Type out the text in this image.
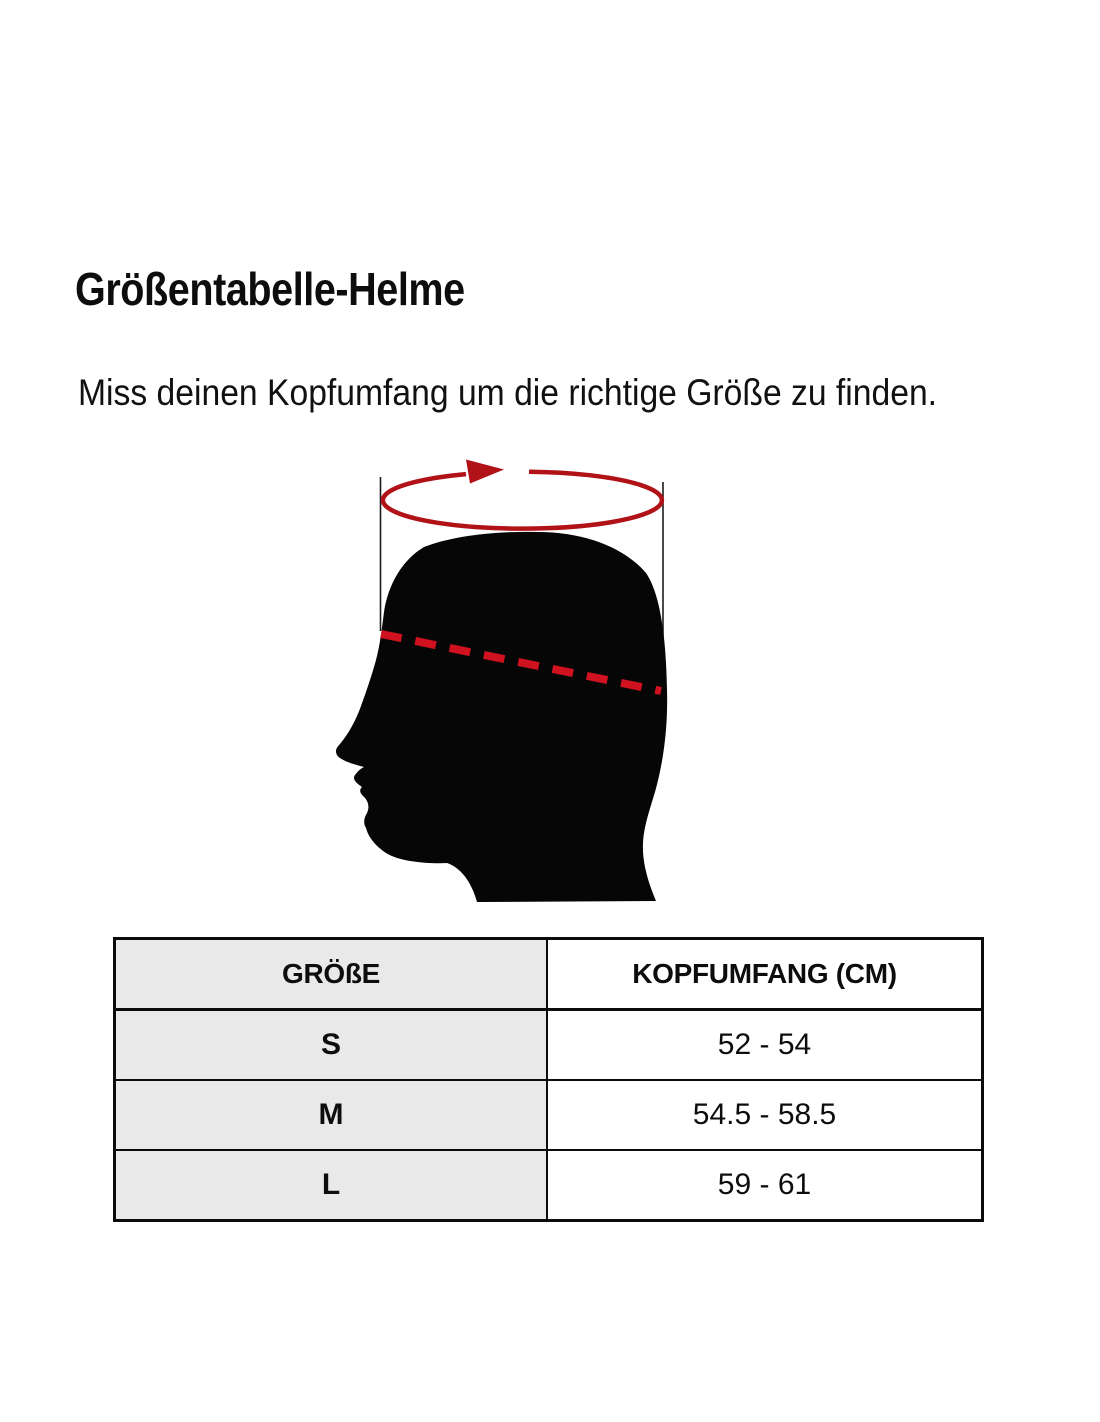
Größentabelle-Helme

Miss deinen Kopfumfang um die richtige Größe zu finden.

GRÖßE	KOPFUMFANG (CM)
S	52 - 54
M	54.5 - 58.5
L	59 - 61
